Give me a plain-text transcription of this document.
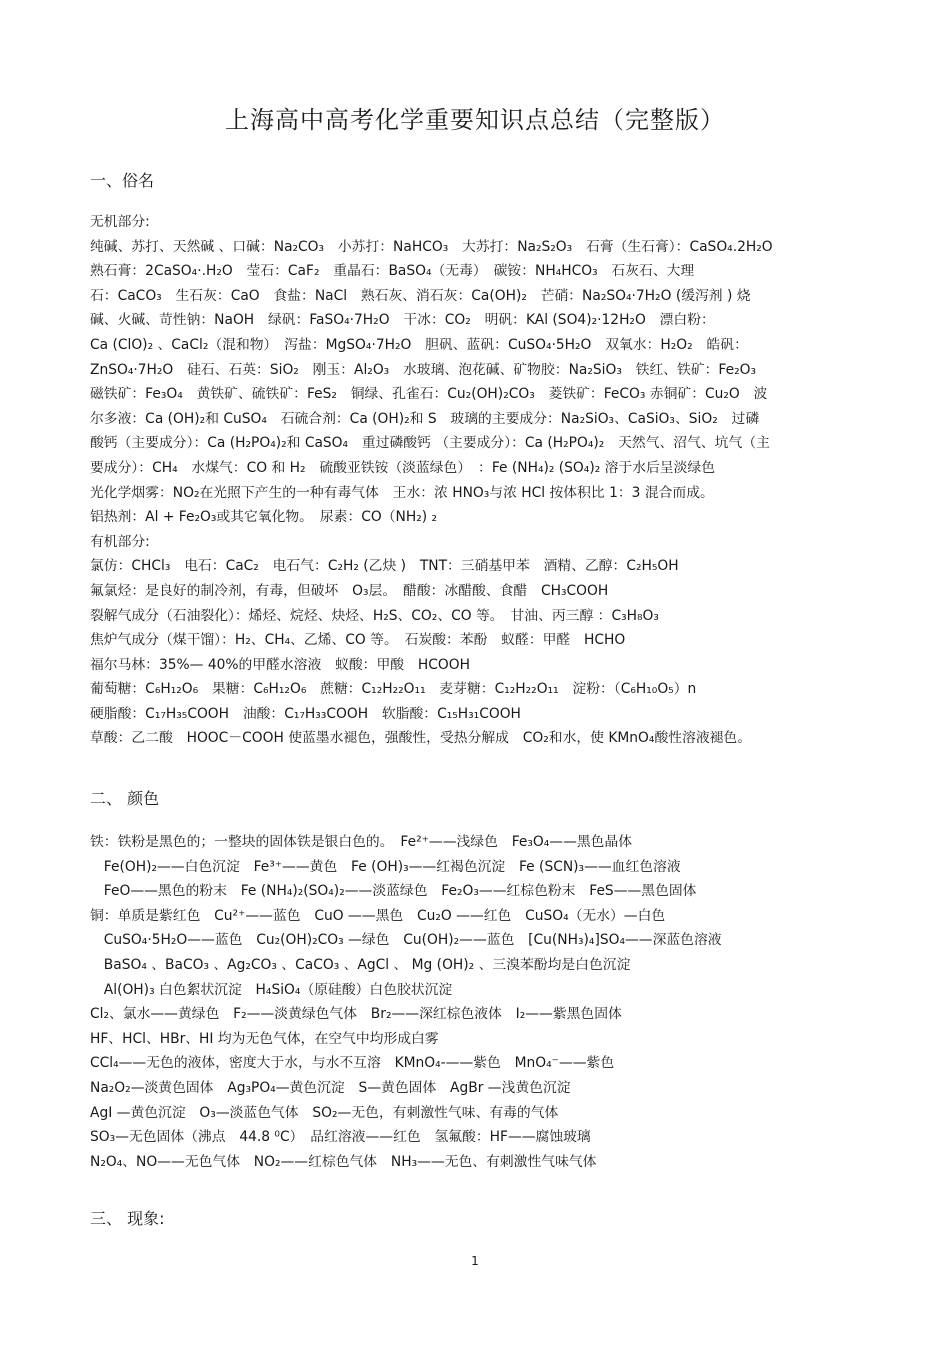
上海高中高考化学重要知识点总结（完整版）
一、俗名

无机部分:

纯碱、苏打、天然碱 、口碱：Na₂CO₃　小苏打：NaHCO₃　大苏打：Na₂S₂O₃　石膏（生石膏）：CaSO₄.2H₂O

熟石膏：2CaSO₄·.H₂O　莹石：CaF₂　重晶石：BaSO₄（无毒）　碳铵：NH₄HCO₃　石灰石、大理

石：CaCO₃　生石灰：CaO　食盐：NaCl　熟石灰、消石灰：Ca(OH)₂　芒硝：Na₂SO₄·7H₂O (缓泻剂 ) 烧

碱、火碱、苛性钠：NaOH　绿矾：FaSO₄·7H₂O　干冰：CO₂　明矾：KAl (SO4)₂·12H₂O　漂白粉：

Ca (ClO)₂ 、CaCl₂（混和物）　泻盐：MgSO₄·7H₂O　胆矾、蓝矾：CuSO₄·5H₂O　双氧水：H₂O₂　皓矾：

ZnSO₄·7H₂O　硅石、石英：SiO₂　刚玉：Al₂O₃　水玻璃、泡花碱、矿物胶：Na₂SiO₃　铁红、铁矿：Fe₂O₃

磁铁矿：Fe₃O₄　黄铁矿、硫铁矿：FeS₂　铜绿、孔雀石：Cu₂(OH)₂CO₃　菱铁矿：FeCO₃ 赤铜矿：Cu₂O　波

尔多液：Ca (OH)₂和 CuSO₄　石硫合剂：Ca (OH)₂和 S　玻璃的主要成分：Na₂SiO₃、CaSiO₃、SiO₂　过磷

酸钙（主要成分）：Ca (H₂PO₄)₂和 CaSO₄　重过磷酸钙 （主要成分）：Ca (H₂PO₄)₂　天然气、沼气、坑气（主

要成分）：CH₄　水煤气：CO 和 H₂　硫酸亚铁铵（淡蓝绿色）　：Fe (NH₄)₂ (SO₄)₂ 溶于水后呈淡绿色

光化学烟雾：NO₂在光照下产生的一种有毒气体　王水：浓 HNO₃与浓 HCl 按体积比 1：3 混合而成。

铝热剂：Al + Fe₂O₃或其它氧化物。　尿素：CO（NH₂) ₂

有机部分:

氯仿：CHCl₃　电石：CaC₂　电石气：C₂H₂ (乙炔 )　TNT：三硝基甲苯　酒精、乙醇：C₂H₅OH

氟氯烃：是良好的制冷剂，有毒，但破坏　O₃层。　醋酸：冰醋酸、食醋　CH₃COOH

裂解气成分（石油裂化）：烯烃、烷烃、炔烃、H₂S、CO₂、CO 等。　甘油、丙三醇 ：C₃H₈O₃

焦炉气成分（煤干馏）：H₂、CH₄、乙烯、CO 等。　石炭酸：苯酚　蚁醛：甲醛　HCHO

福尔马林：35%— 40%的甲醛水溶液　蚁酸：甲酸　HCOOH

葡萄糖：C₆H₁₂O₆　果糖：C₆H₁₂O₆　蔗糖：C₁₂H₂₂O₁₁　麦芽糖：C₁₂H₂₂O₁₁　淀粉：（C₆H₁₀O₅）n

硬脂酸：C₁₇H₃₅COOH　油酸：C₁₇H₃₃COOH　软脂酸：C₁₅H₃₁COOH

草酸：乙二酸　HOOC－COOH 使蓝墨水褪色，强酸性，受热分解成　CO₂和水，使 KMnO₄酸性溶液褪色。

二、 颜色

铁：铁粉是黑色的；一整块的固体铁是银白色的。　Fe²⁺——浅绿色　Fe₃O₄——黑色晶体

　Fe(OH)₂——白色沉淀　Fe³⁺——黄色　Fe (OH)₃——红褐色沉淀　Fe (SCN)₃——血红色溶液

　FeO——黑色的粉末　Fe (NH₄)₂(SO₄)₂——淡蓝绿色　Fe₂O₃——红棕色粉末　FeS——黑色固体

铜：单质是紫红色　Cu²⁺——蓝色　CuO ——黑色　Cu₂O ——红色　CuSO₄（无水）—白色

　CuSO₄·5H₂O——蓝色　Cu₂(OH)₂CO₃ —绿色　Cu(OH)₂——蓝色　[Cu(NH₃)₄]SO₄——深蓝色溶液

　BaSO₄ 、BaCO₃ 、Ag₂CO₃ 、CaCO₃ 、AgCl 、 Mg (OH)₂ 、三溴苯酚均是白色沉淀

　Al(OH)₃ 白色絮状沉淀　H₄SiO₄（原硅酸）白色胶状沉淀

Cl₂、氯水——黄绿色　F₂——淡黄绿色气体　Br₂——深红棕色液体　I₂——紫黑色固体

HF、HCl、HBr、HI 均为无色气体，在空气中均形成白雾

CCl₄——无色的液体，密度大于水，与水不互溶　KMnO₄-——紫色　MnO₄⁻——紫色

Na₂O₂—淡黄色固体　Ag₃PO₄—黄色沉淀　S—黄色固体　AgBr —浅黄色沉淀

AgI —黄色沉淀　O₃—淡蓝色气体　SO₂—无色，有刺激性气味、有毒的气体

SO₃—无色固体（沸点　44.8 ⁰C）　品红溶液——红色　氢氟酸：HF——腐蚀玻璃

N₂O₄、NO——无色气体　NO₂——红棕色气体　NH₃——无色、有刺激性气味气体

三、 现象:
1
